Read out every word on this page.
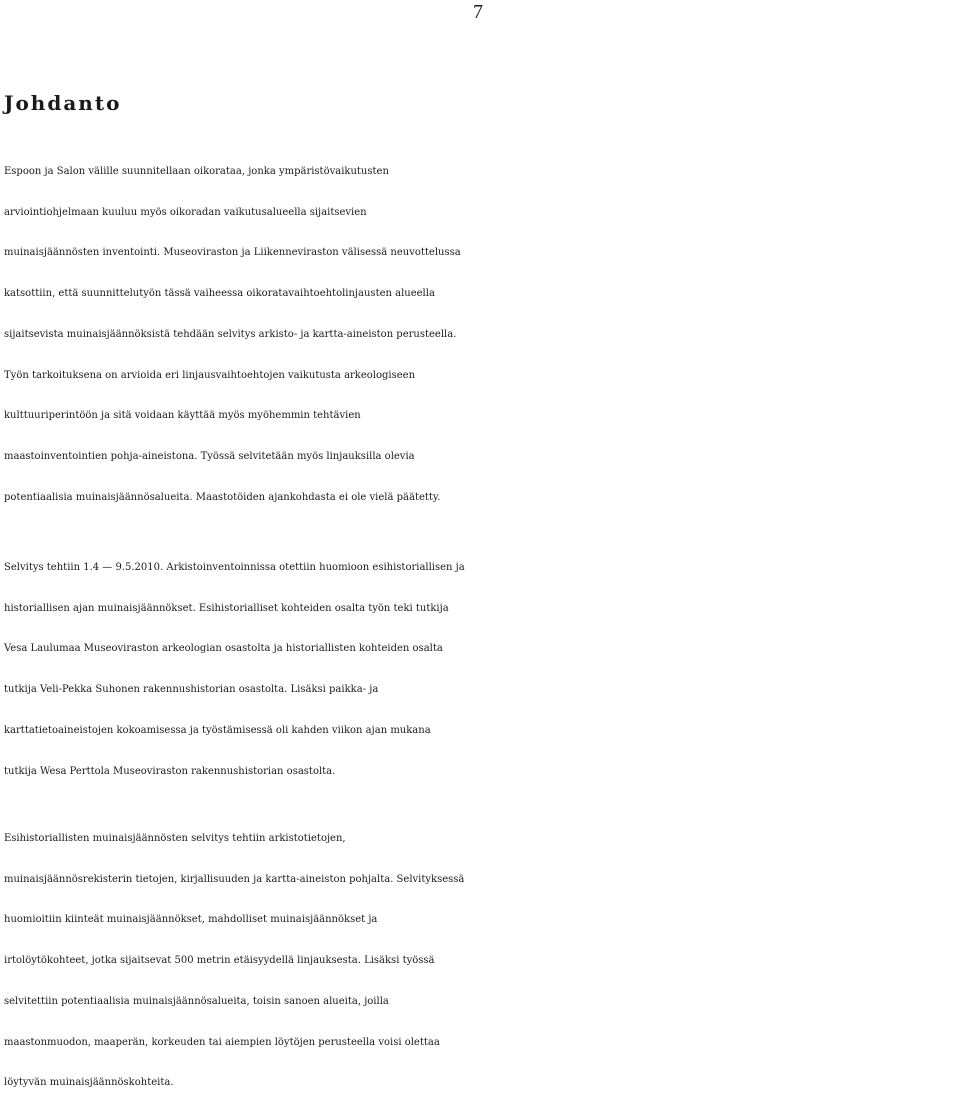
7
Johdanto
Espoon ja Salon välille suunnitellaan oikorataa, jonka ympäristövaikutusten
arviointiohjelmaan kuuluu myös oikoradan vaikutusalueella sijaitsevien
muinaisjäännösten inventointi. Museoviraston ja Liikenneviraston välisessä neuvottelussa
katsottiin, että suunnittelutyön tässä vaiheessa oikoratavaihtoehtolinjausten alueella
sijaitsevista muinaisjäännöksistä tehdään selvitys arkisto- ja kartta-aineiston perusteella.
Työn tarkoituksena on arvioida eri linjausvaihtoehtojen vaikutusta arkeologiseen
kulttuuriperintöön ja sitä voidaan käyttää myös myöhemmin tehtävien
maastoinventointien pohja-aineistona. Työssä selvitetään myös linjauksilla olevia
potentiaalisia muinaisjäännösalueita. Maastotöiden ajankohdasta ei ole vielä päätetty.
Selvitys tehtiin 1.4 — 9.5.2010. Arkistoinventoinnissa otettiin huomioon esihistoriallisen ja
historiallisen ajan muinaisjäännökset. Esihistorialliset kohteiden osalta työn teki tutkija
Vesa Laulumaa Museoviraston arkeologian osastolta ja historiallisten kohteiden osalta
tutkija Veli-Pekka Suhonen rakennushistorian osastolta. Lisäksi paikka- ja
karttatietoaineistojen kokoamisessa ja työstämisessä oli kahden viikon ajan mukana
tutkija Wesa Perttola Museoviraston rakennushistorian osastolta.
Esihistoriallisten muinaisjäännösten selvitys tehtiin arkistotietojen,
muinaisjäännösrekisterin tietojen, kirjallisuuden ja kartta-aineiston pohjalta. Selvityksessä
huomioitiin kiinteät muinaisjäännökset, mahdolliset muinaisjäännökset ja
irtolöytökohteet, jotka sijaitsevat 500 metrin etäisyydellä linjauksesta. Lisäksi työssä
selvitettiin potentiaalisia muinaisjäännösalueita, toisin sanoen alueita, joilla
maastonmuodon, maaperän, korkeuden tai aiempien löytöjen perusteella voisi olettaa
löytyvän muinaisjäännöskohteita.
